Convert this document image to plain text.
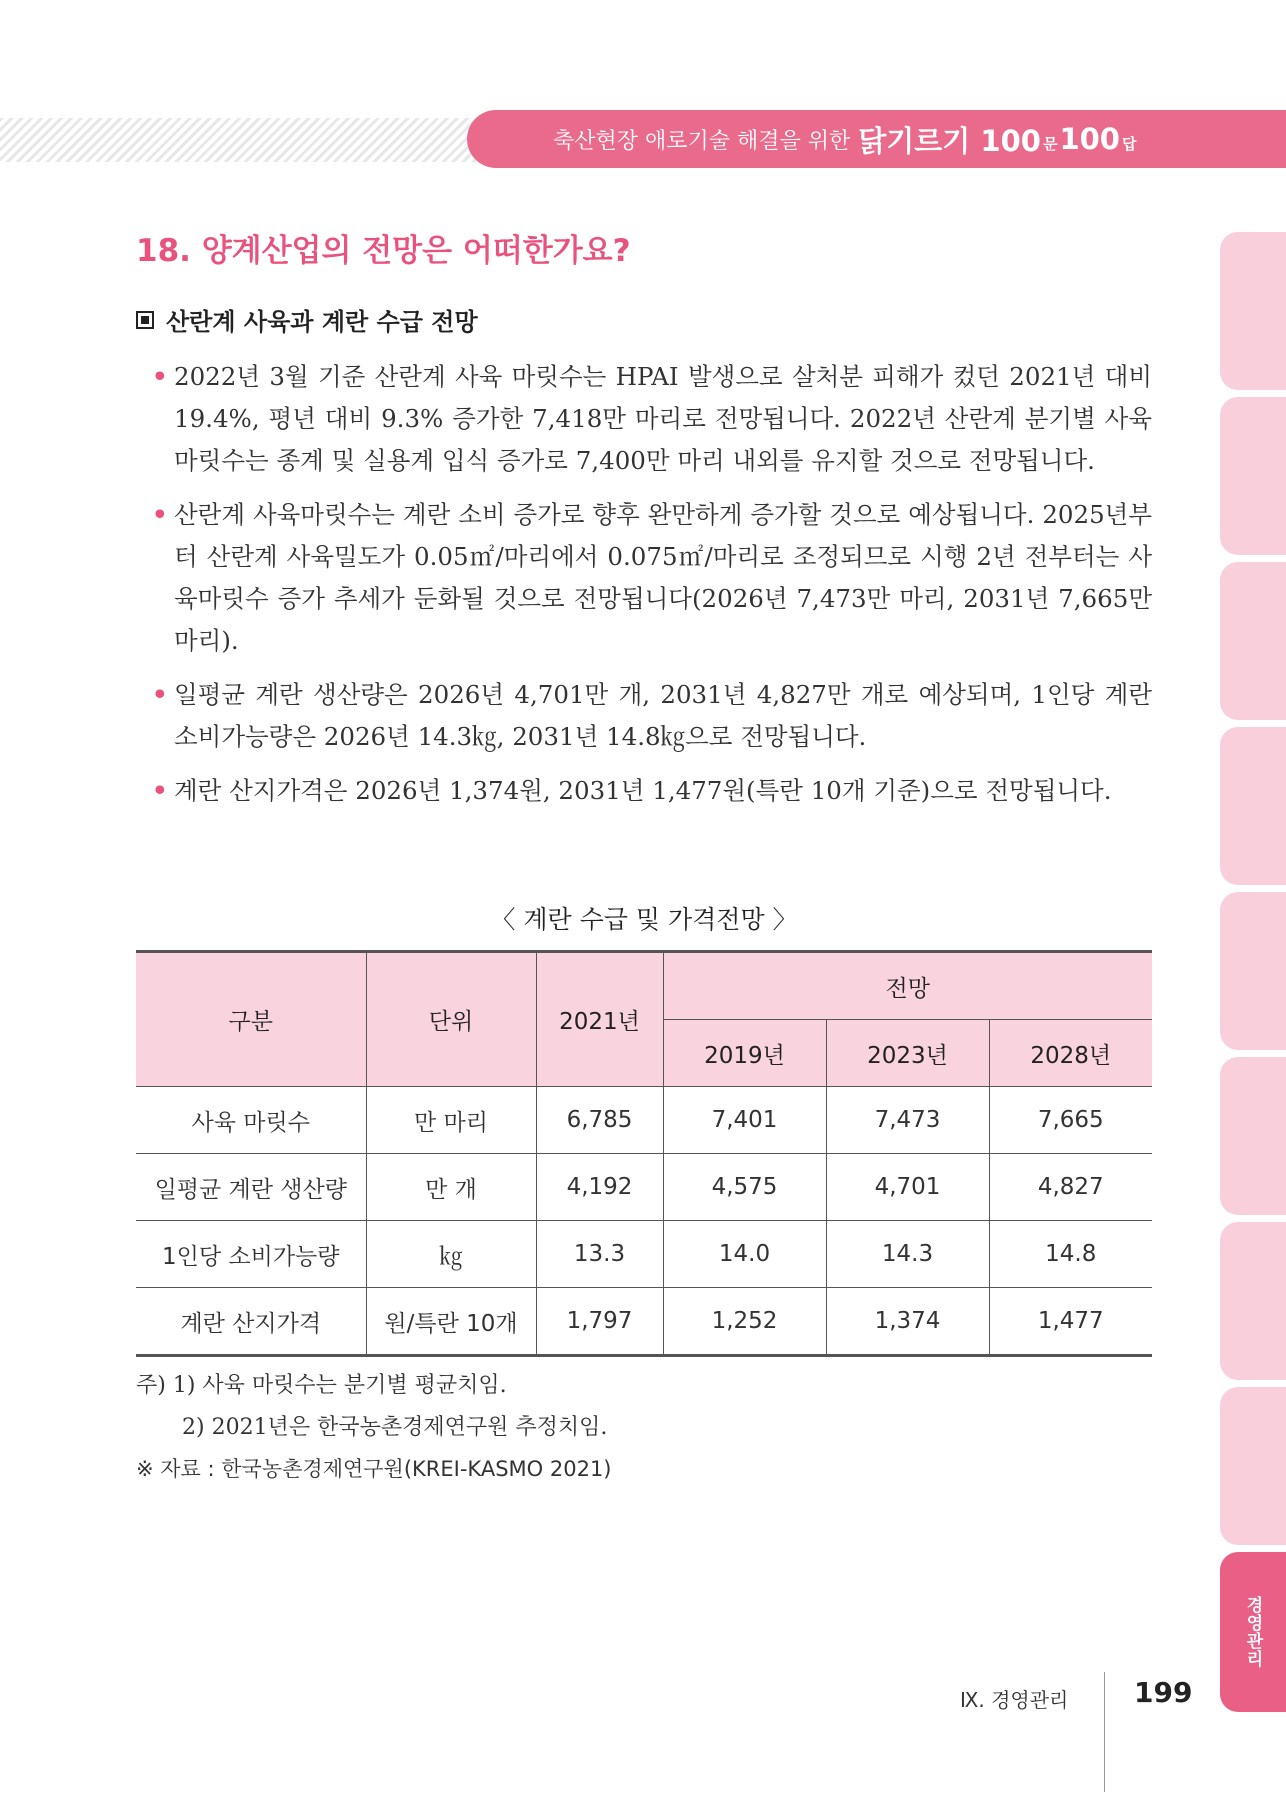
축산현장 애로기술 해결을 위한 닭기르기 100 문 100 답
경영관리
18. 양계산업의 전망은 어떠한가요?
산란계 사육과 계란 수급 전망
• 2022년 3월 기준 산란계 사육 마릿수는 HPAI 발생으로 살처분 피해가 컸던 2021년 대비 19.4%, 평년 대비 9.3% 증가한 7,418만 마리로 전망됩니다. 2022년 산란계 분기별 사육 마릿수는 종계 및 실용계 입식 증가로 7,400만 마리 내외를 유지할 것으로 전망됩니다.
• 산란계 사육마릿수는 계란 소비 증가로 향후 완만하게 증가할 것으로 예상됩니다. 2025년부터 산란계 사육밀도가 0.05㎡/마리에서 0.075㎡/마리로 조정되므로 시행 2년 전부터는 사육마릿수 증가 추세가 둔화될 것으로 전망됩니다(2026년 7,473만 마리, 2031년 7,665만 마리).
• 일평균 계란 생산량은 2026년 4,701만 개, 2031년 4,827만 개로 예상되며, 1인당 계란 소비가능량은 2026년 14.3㎏, 2031년 14.8㎏으로 전망됩니다.
• 계란 산지가격은 2026년 1,374원, 2031년 1,477원(특란 10개 기준)으로 전망됩니다.
〈 계란 수급 및 가격전망 〉
구분	단위	2021년	전망		
			2019년	2023년	2028년
사육 마릿수	만 마리	6,785	7,401	7,473	7,665
일평균 계란 생산량	만 개	4,192	4,575	4,701	4,827
1인당 소비가능량	㎏	13.3	14.0	14.3	14.8
계란 산지가격	원/특란 10개	1,797	1,252	1,374	1,477
주) 1) 사육 마릿수는 분기별 평균치임.
2) 2021년은 한국농촌경제연구원 추정치임.
※ 자료 : 한국농촌경제연구원(KREI-KASMO 2021)
Ⅸ. 경영관리 199
